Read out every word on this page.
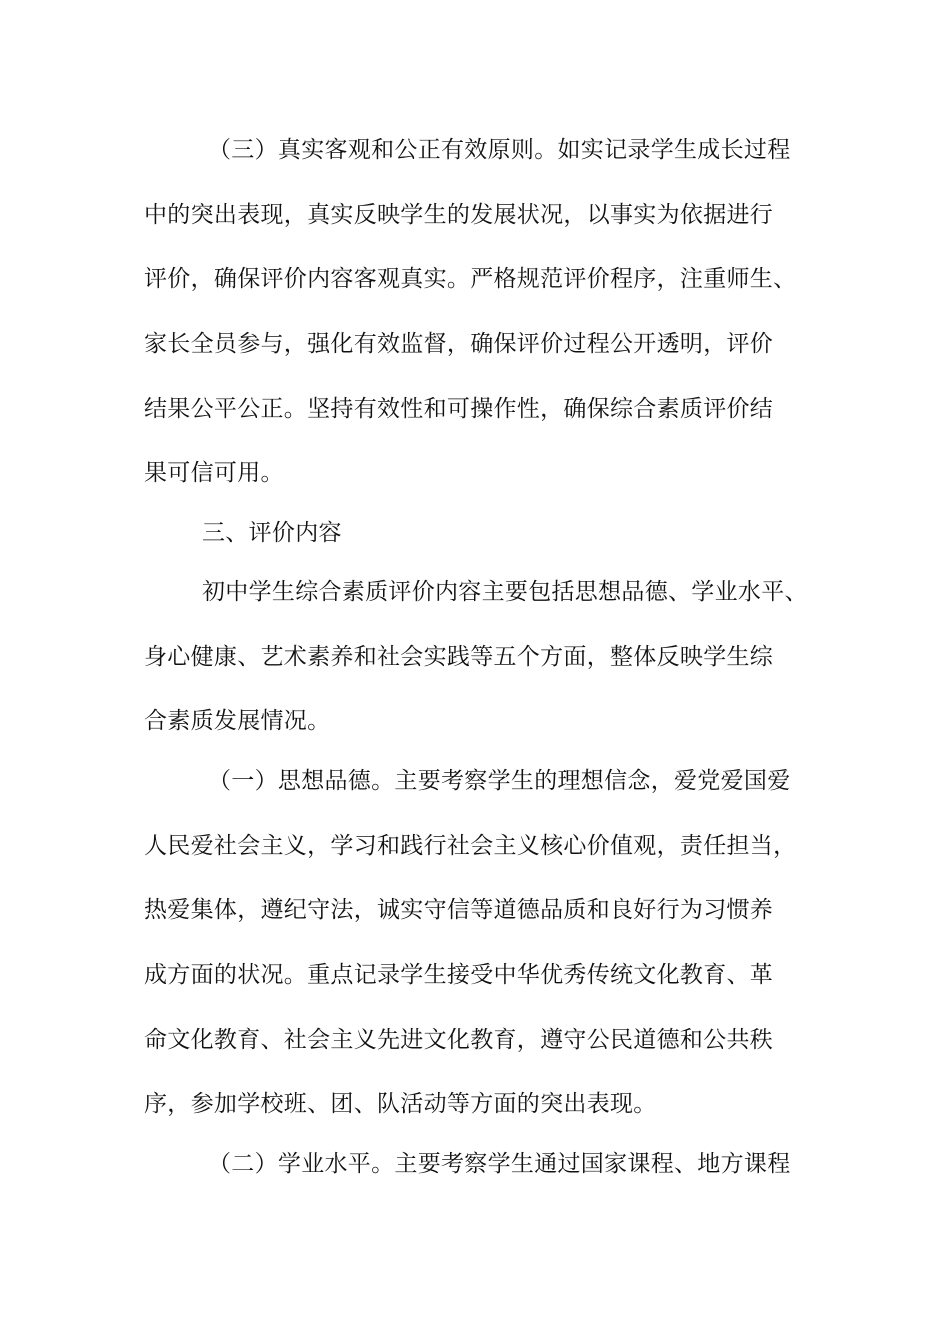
（三）真实客观和公正有效原则。如实记录学生成长过程
中的突出表现，真实反映学生的发展状况，以事实为依据进行
评价，确保评价内容客观真实。严格规范评价程序，注重师生、
家长全员参与，强化有效监督，确保评价过程公开透明，评价
结果公平公正。坚持有效性和可操作性，确保综合素质评价结
果可信可用。
三、评价内容
初中学生综合素质评价内容主要包括思想品德、学业水平、
身心健康、艺术素养和社会实践等五个方面，整体反映学生综
合素质发展情况。
（一）思想品德。主要考察学生的理想信念，爱党爱国爱
人民爱社会主义，学习和践行社会主义核心价值观，责任担当，
热爱集体，遵纪守法，诚实守信等道德品质和良好行为习惯养
成方面的状况。重点记录学生接受中华优秀传统文化教育、革
命文化教育、社会主义先进文化教育，遵守公民道德和公共秩
序，参加学校班、团、队活动等方面的突出表现。
（二）学业水平。主要考察学生通过国家课程、地方课程
